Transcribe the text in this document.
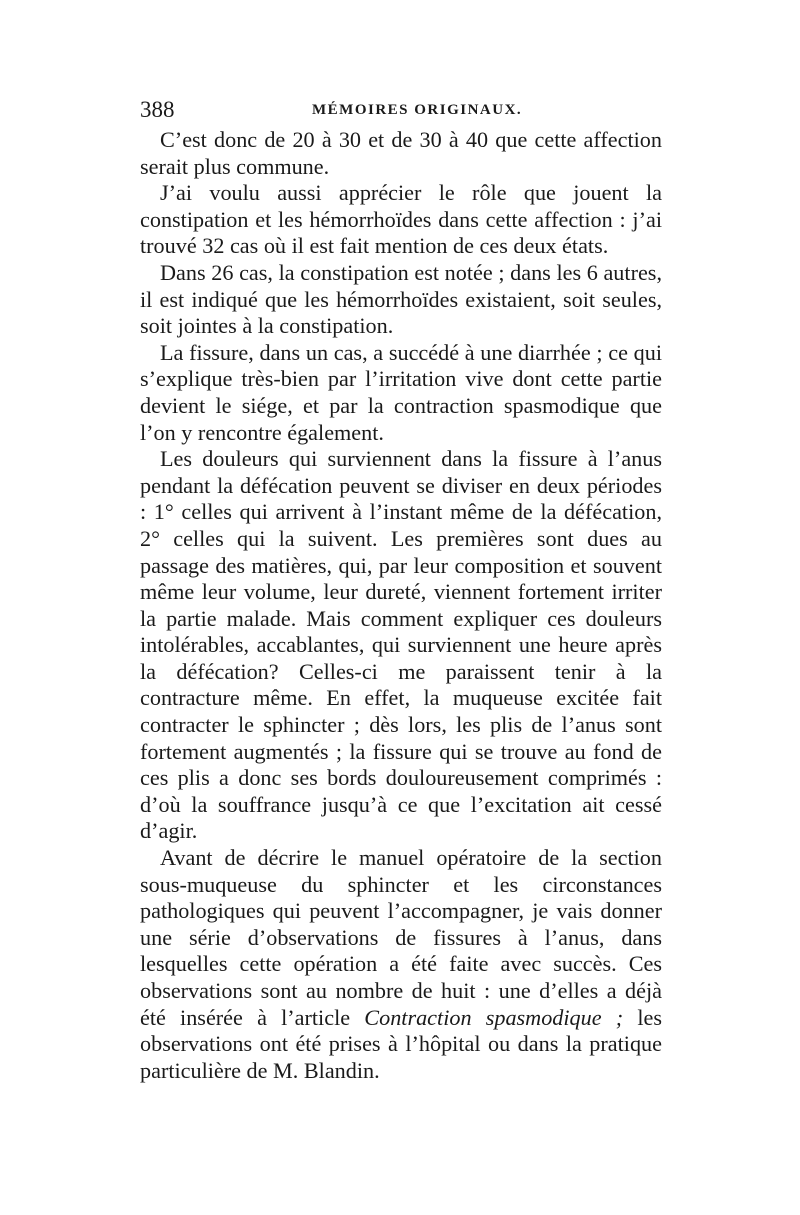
388	MÉMOIRES ORIGINAUX.

C’est donc de 20 à 30 et de 30 à 40 que cette affection serait plus commune.

J’ai voulu aussi apprécier le rôle que jouent la constipation et les hémorrhoïdes dans cette affection : j’ai trouvé 32 cas où il est fait mention de ces deux états.

Dans 26 cas, la constipation est notée ; dans les 6 autres, il est indiqué que les hémorrhoïdes existaient, soit seules, soit jointes à la constipation.

La fissure, dans un cas, a succédé à une diarrhée ; ce qui s’explique très-bien par l’irritation vive dont cette partie devient le siége, et par la contraction spasmodique que l’on y rencontre également.

Les douleurs qui surviennent dans la fissure à l’anus pendant la défécation peuvent se diviser en deux périodes : 1° celles qui arrivent à l’instant même de la défécation, 2° celles qui la suivent. Les premières sont dues au passage des matières, qui, par leur composition et souvent même leur volume, leur dureté, viennent fortement irriter la partie malade. Mais comment expliquer ces douleurs intolérables, accablantes, qui surviennent une heure après la défécation? Celles-ci me paraissent tenir à la contracture même. En effet, la muqueuse excitée fait contracter le sphincter ; dès lors, les plis de l’anus sont fortement augmentés ; la fissure qui se trouve au fond de ces plis a donc ses bords douloureusement comprimés : d’où la souffrance jusqu’à ce que l’excitation ait cessé d’agir.

Avant de décrire le manuel opératoire de la section sous-muqueuse du sphincter et les circonstances pathologiques qui peuvent l’accompagner, je vais donner une série d’observations de fissures à l’anus, dans lesquelles cette opération a été faite avec succès. Ces observations sont au nombre de huit : une d’elles a déjà été insérée à l’article Contraction spasmodique ; les observations ont été prises à l’hôpital ou dans la pratique particulière de M. Blandin.
